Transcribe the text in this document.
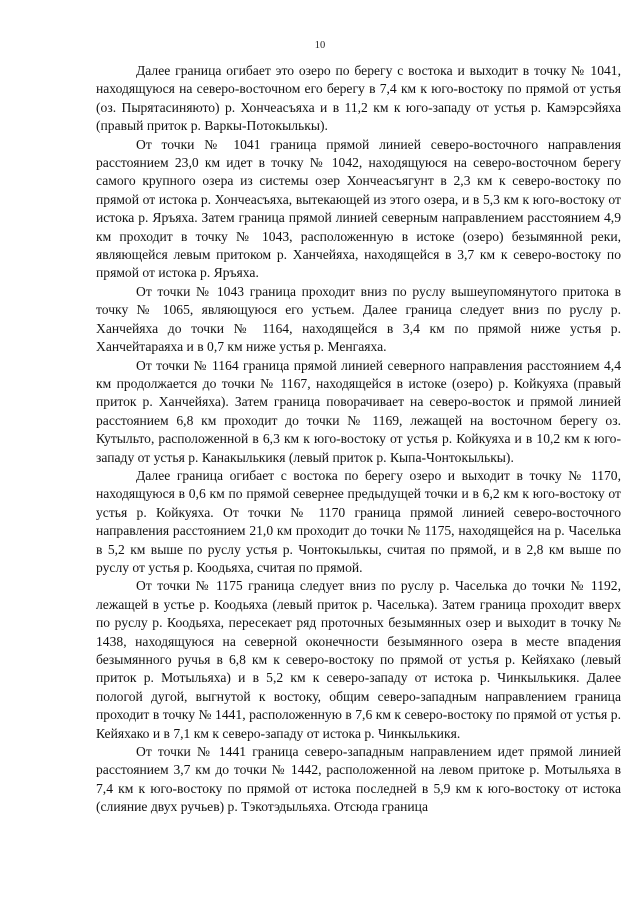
10

Далее граница огибает это озеро по берегу с востока и выходит в точку № 1041, находящуюся на северо-восточном его берегу в 7,4 км к юго-востоку по прямой от устья (оз. Пырятасиняюто) р. Хончеасъяха и в 11,2 км к юго-западу от устья р. Камэрсэйяха (правый приток р. Варкы-Потокылькы).

От точки № 1041 граница прямой линией северо-восточного направления расстоянием 23,0 км идет в точку № 1042, находящуюся на северо-восточном берегу самого крупного озера из системы озер Хончеасъягунт в 2,3 км к северо-востоку по прямой от истока р. Хончеасъяха, вытекающей из этого озера, и в 5,3 км к юго-востоку от истока р. Яръяха. Затем граница прямой линией северным направлением расстоянием 4,9 км проходит в точку № 1043, расположенную в истоке (озеро) безымянной реки, являющейся левым притоком р. Ханчейяха, находящейся в 3,7 км к северо-востоку по прямой от истока р. Яръяха.

От точки № 1043 граница проходит вниз по руслу вышеупомянутого притока в точку № 1065, являющуюся его устьем. Далее граница следует вниз по руслу р. Ханчейяха до точки № 1164, находящейся в 3,4 км по прямой ниже устья р. Ханчейтараяха и в 0,7 км ниже устья р. Менгаяха.

От точки № 1164 граница прямой линией северного направления расстоянием 4,4 км продолжается до точки № 1167, находящейся в истоке (озеро) р. Койкуяха (правый приток р. Ханчейяха). Затем граница поворачивает на северо-восток и прямой линией расстоянием 6,8 км проходит до точки № 1169, лежащей на восточном берегу оз. Кутыльто, расположенной в 6,3 км к юго-востоку от устья р. Койкуяха и в 10,2 км к юго-западу от устья р. Канакылькикя (левый приток р. Кыпа-Чонтокылькы).

Далее граница огибает с востока по берегу озеро и выходит в точку № 1170, находящуюся в 0,6 км по прямой севернее предыдущей точки и в 6,2 км к юго-востоку от устья р. Койкуяха. От точки № 1170 граница прямой линией северо-восточного направления расстоянием 21,0 км проходит до точки № 1175, находящейся на р. Часелька в 5,2 км выше по руслу устья р. Чонтокылькы, считая по прямой, и в 2,8 км выше по руслу от устья р. Коодьяха, считая по прямой.

От точки № 1175 граница следует вниз по руслу р. Часелька до точки № 1192, лежащей в устье р. Коодьяха (левый приток р. Часелька). Затем граница проходит вверх по руслу р. Коодьяха, пересекает ряд проточных безымянных озер и выходит в точку № 1438, находящуюся на северной оконечности безымянного озера в месте впадения безымянного ручья в 6,8 км к северо-востоку по прямой от устья р. Кейяхако (левый приток р. Мотыльяха) и в 5,2 км к северо-западу от истока р. Чинкылькикя. Далее пологой дугой, выгнутой к востоку, общим северо-западным направлением граница проходит в точку № 1441, расположенную в 7,6 км к северо-востоку по прямой от устья р. Кейяхако и в 7,1 км к северо-западу от истока р. Чинкылькикя.

От точки № 1441 граница северо-западным направлением идет прямой линией расстоянием 3,7 км до точки № 1442, расположенной на левом притоке р. Мотыльяха в 7,4 км к юго-востоку по прямой от истока последней в 5,9 км к юго-востоку от истока (слияние двух ручьев) р. Тэкотэдыльяха. Отсюда граница
